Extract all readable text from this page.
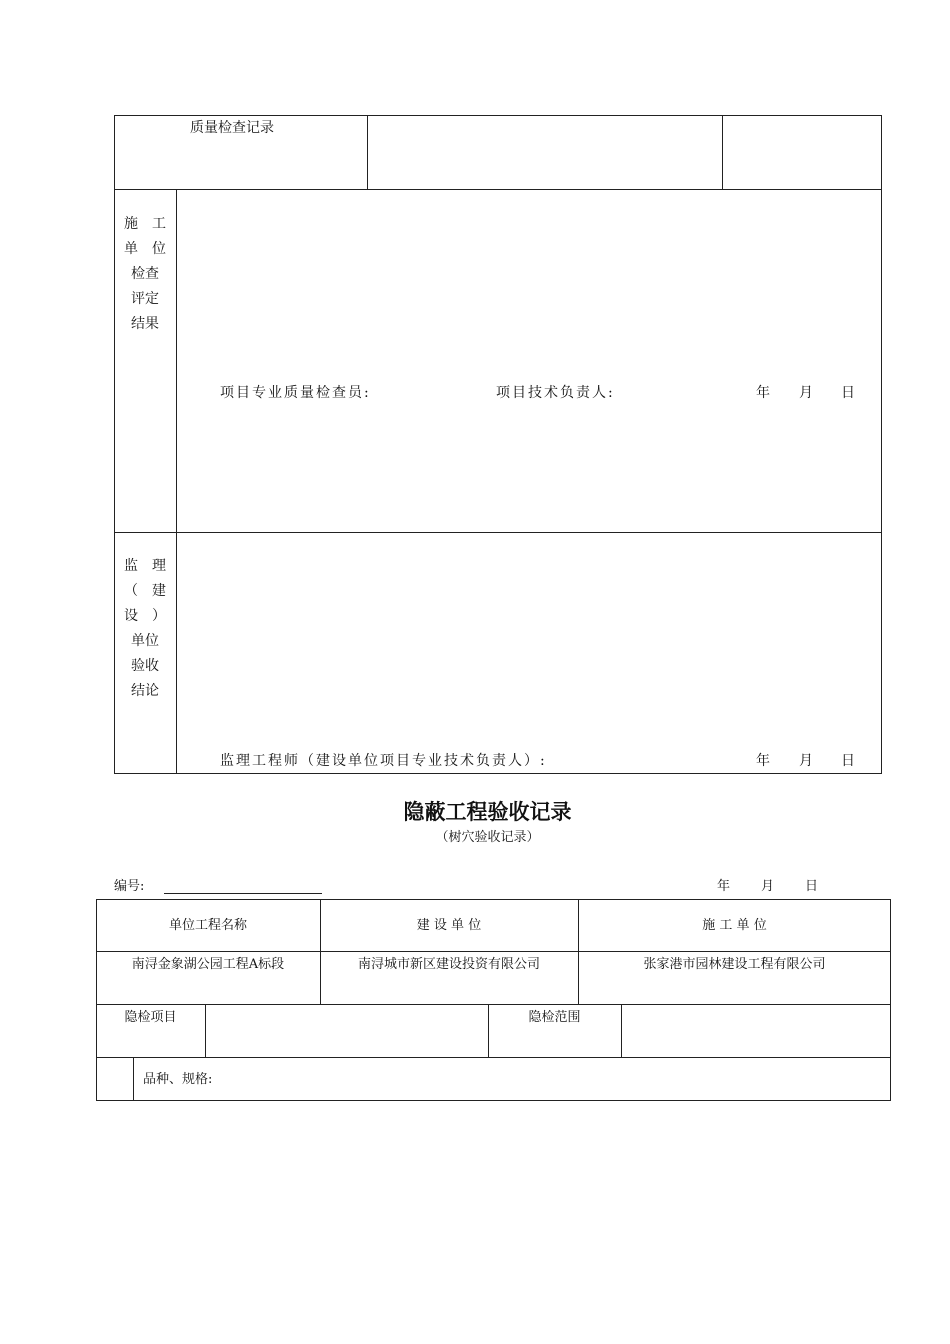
质量检查记录
施　工
单　位
检查
评定
结果
项目专业质量检查员:	项目技术负责人:	年 月 日
监　理
（　建
设　）
单位
验收
结论
监理工程师（建设单位项目专业技术负责人）:	年 月 日
隐蔽工程验收记录
（树穴验收记录）
编号:	年 月 日
单位工程名称	建 设 单 位	施 工 单 位
南浔金象湖公园工程A标段	南浔城市新区建设投资有限公司	张家港市园林建设工程有限公司
隐检项目	隐检范围
品种、规格:
